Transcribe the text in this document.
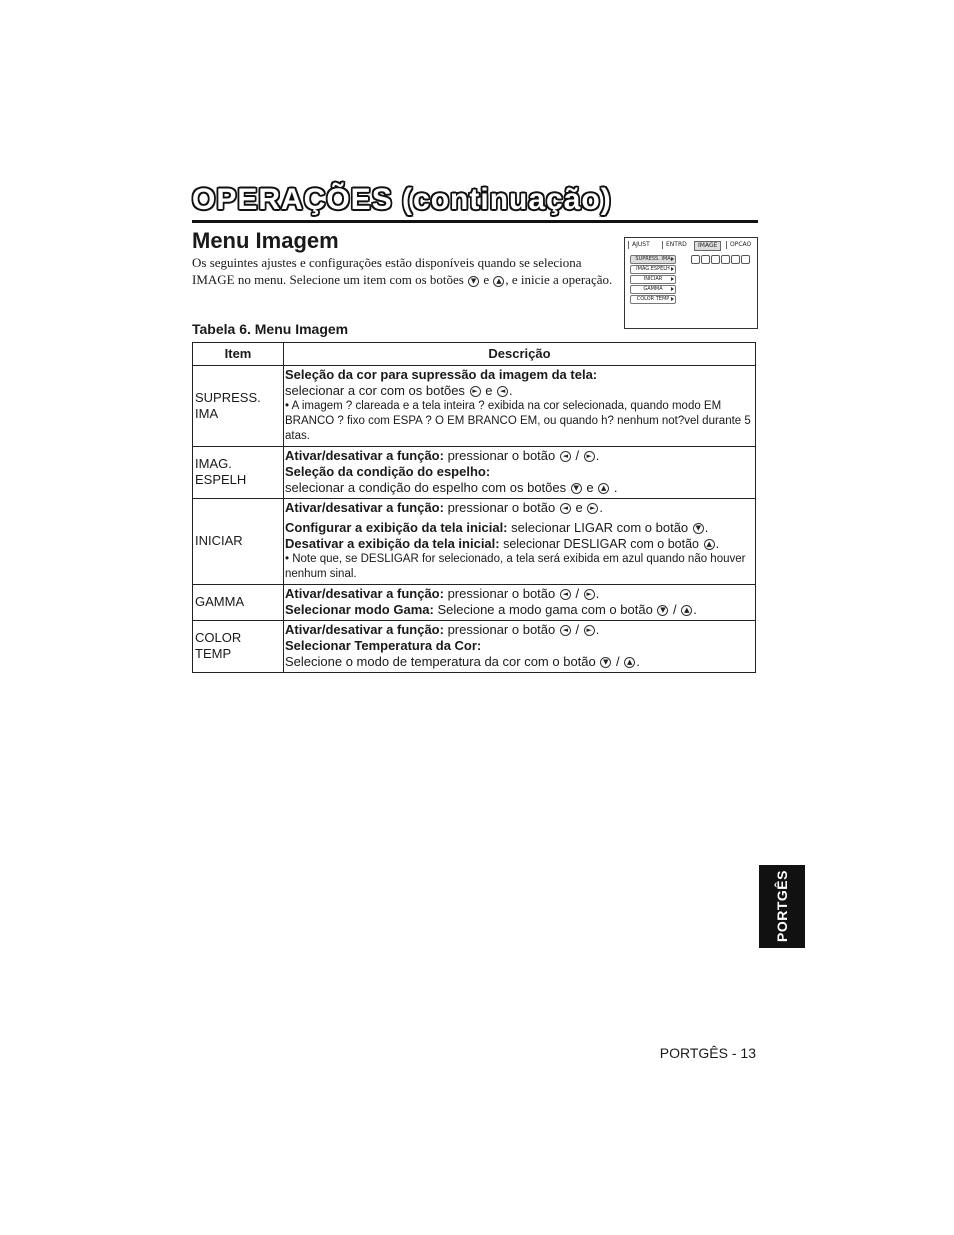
OPERAÇÕES (continuação)
Menu Imagem
Os seguintes ajustes e configurações estão disponíveis quando se seleciona IMAGE no menu. Selecione um item com os botões ▼ e ▲ , e inicie a operação.
AJUST	ENTRD	IMAGE	OPCAO
SUPRESS. IMA
IMAG.ESPELH
INICIAR
GAMMA
COLOR TEMP
Tabela 6. Menu Imagem
Item	Descrição

SUPRESS.
IMA	Seleção da cor para supressão da imagem da tela:
selecionar a cor com os botões ► e ◄ .
• A imagem ? clareada e a tela inteira ? exibida na cor selecionada, quando modo EM BRANCO ? fixo com ESPA ? O EM BRANCO EM, ou quando h? nenhum not?vel durante 5 atas.

IMAG.
ESPELH	Ativar/desativar a função: pressionar o botão ◄ / ► .
Seleção da condição do espelho:
selecionar a condição do espelho com os botões ▼ e ▲ .

INICIAR	Ativar/desativar a função: pressionar o botão ◄ e ► .
Configurar a exibição da tela inicial: selecionar LIGAR com o botão ▼ .
Desativar a exibição da tela inicial: selecionar DESLIGAR com o botão ▲ .
• Note que, se DESLIGAR for selecionado, a tela será exibida em azul quando não houver nenhum sinal.

GAMMA	Ativar/desativar a função: pressionar o botão ◄ / ► .
Selecionar modo Gama: Selecione a modo gama com o botão ▼ / ▲ .

COLOR
TEMP	Ativar/desativar a função: pressionar o botão ◄ / ► .
Selecionar Temperatura da Cor:
Selecione o modo de temperatura da cor com o botão ▼ / ▲ .
PORTGÊS
PORTGÊS - 13
